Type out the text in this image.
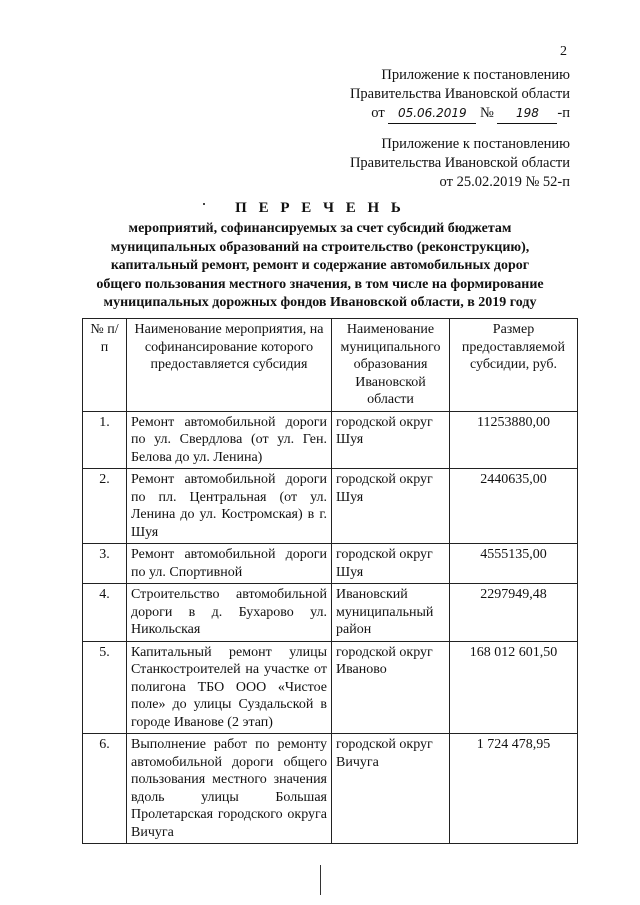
2
Приложение к постановлению
Правительства Ивановской области
от 05.06.2019 № 198 -п
Приложение к постановлению
Правительства Ивановской области
от 25.02.2019 № 52-п
П Е Р Е Ч Е Н Ь
мероприятий, софинансируемых за счет субсидий бюджетам муниципальных образований на строительство (реконструкцию), капитальный ремонт, ремонт и содержание автомобильных дорог общего пользования местного значения, в том числе на формирование муниципальных дорожных фондов Ивановской области, в 2019 году
№ п/п	Наименование мероприятия, на софинансирование которого предоставляется субсидия	Наименование муниципального образования Ивановской области	Размер предоставляемой субсидии, руб.
1.	Ремонт автомобильной дороги по ул. Свердлова (от ул. Ген. Белова до ул. Ленина)	городской округ Шуя	11253880,00
2.	Ремонт автомобильной дороги по пл. Центральная (от ул. Ленина до ул. Костромская) в г. Шуя	городской округ Шуя	2440635,00
3.	Ремонт автомобильной дороги по ул. Спортивной	городской округ Шуя	4555135,00
4.	Строительство автомобильной дороги в д. Бухарово ул. Никольская	Ивановский муниципальный район	2297949,48
5.	Капитальный ремонт улицы Станкостроителей на участке от полигона ТБО ООО «Чистое поле» до улицы Суздальской в городе Иванове (2 этап)	городской округ Иваново	168 012 601,50
6.	Выполнение работ по ремонту автомобильной дороги общего пользования местного значения вдоль улицы Большая Пролетарская городского округа Вичуга	городской округ Вичуга	1 724 478,95
